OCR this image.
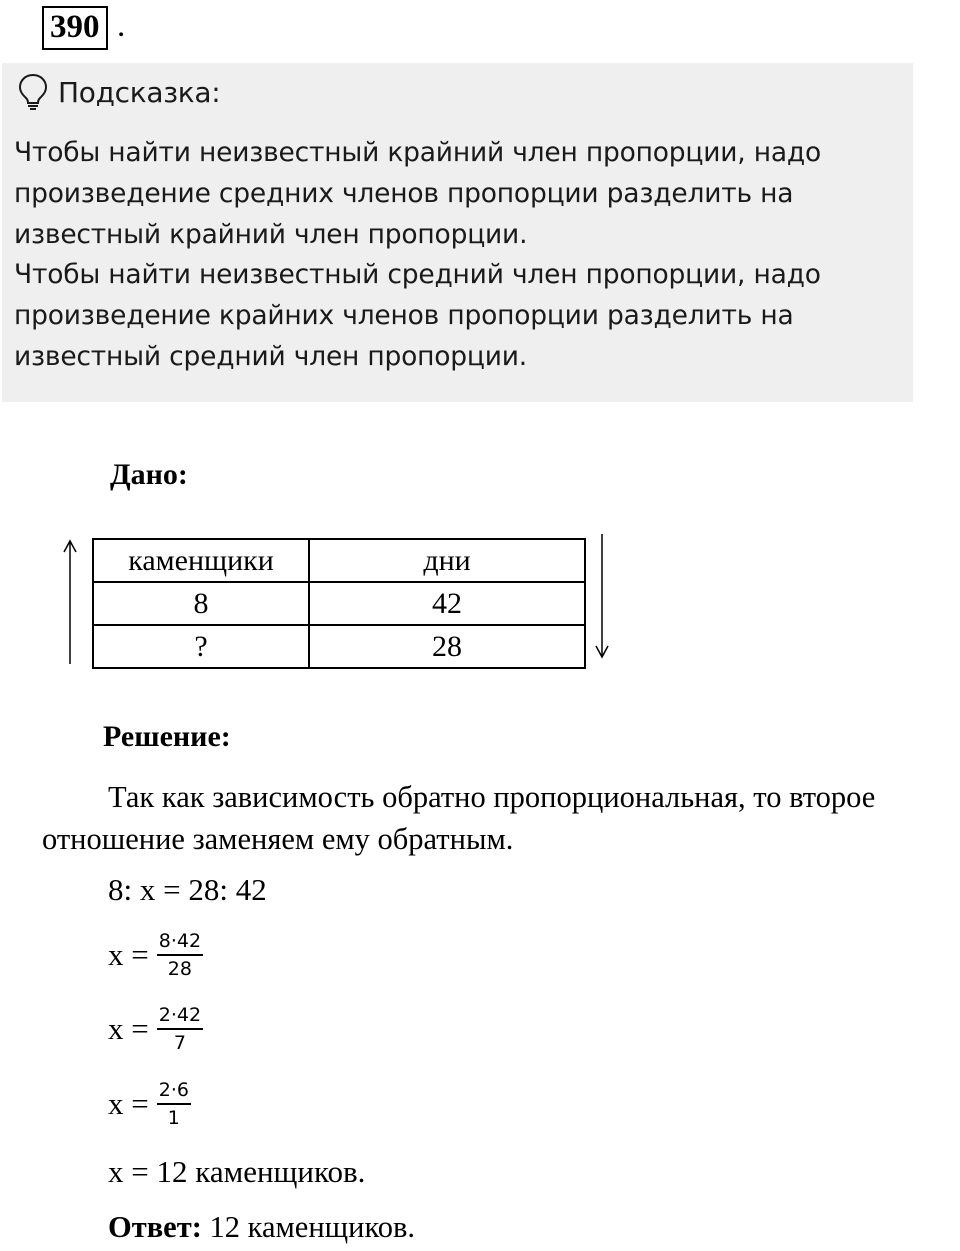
390 .
Подсказка:
Чтобы найти неизвестный крайний член пропорции, надо
произведение средних членов пропорции разделить на
известный крайний член пропорции.
Чтобы найти неизвестный средний член пропорции, надо
произведение крайних членов пропорции разделить на
известный средний член пропорции.
Дано:
каменщики	дни
8	42
?	28
Решение:
Так как зависимость обратно пропорциональная, то второе
отношение заменяем ему обратным.
8: x = 28: 42
$x = \frac{8\cdot 42}{28}$
$x = \frac{2\cdot 42}{7}$
$x = \frac{2\cdot 6}{1}$
x = 12 каменщиков.
Ответ: 12 каменщиков.
